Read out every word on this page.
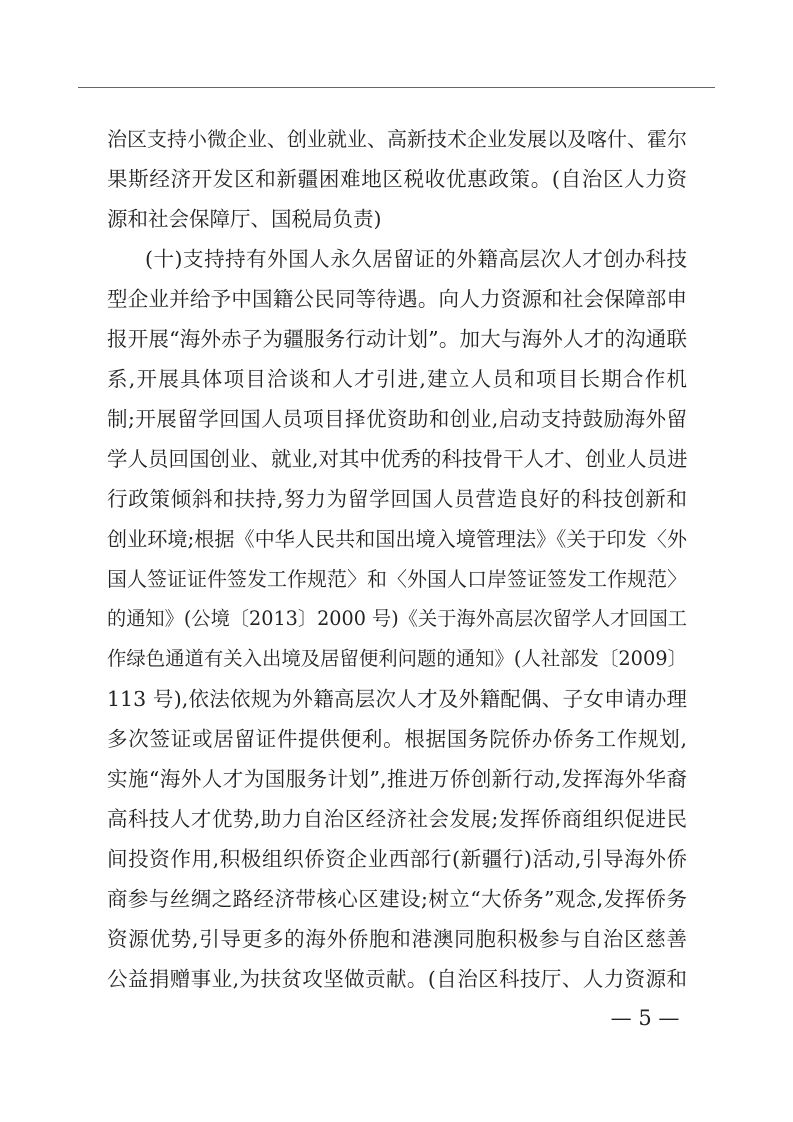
治区支持小微企业、创业就业、高新技术企业发展以及喀什、霍尔
果斯经济开发区和新疆困难地区税收优惠政策。(自治区人力资
源和社会保障厅、国税局负责)
(十)支持持有外国人永久居留证的外籍高层次人才创办科技
型企业并给予中国籍公民同等待遇。向人力资源和社会保障部申
报开展“海外赤子为疆服务行动计划”。加大与海外人才的沟通联
系,开展具体项目洽谈和人才引进,建立人员和项目长期合作机
制;开展留学回国人员项目择优资助和创业,启动支持鼓励海外留
学人员回国创业、就业,对其中优秀的科技骨干人才、创业人员进
行政策倾斜和扶持,努力为留学回国人员营造良好的科技创新和
创业环境;根据《中华人民共和国出境入境管理法》《关于印发〈外
国人签证证件签发工作规范〉和〈外国人口岸签证签发工作规范〉
的通知》(公境〔2013〕2000 号)《关于海外高层次留学人才回国工
作绿色通道有关入出境及居留便利问题的通知》(人社部发〔2009〕
113 号),依法依规为外籍高层次人才及外籍配偶、子女申请办理
多次签证或居留证件提供便利。根据国务院侨办侨务工作规划,
实施“海外人才为国服务计划”,推进万侨创新行动,发挥海外华裔
高科技人才优势,助力自治区经济社会发展;发挥侨商组织促进民
间投资作用,积极组织侨资企业西部行(新疆行)活动,引导海外侨
商参与丝绸之路经济带核心区建设;树立“大侨务”观念,发挥侨务
资源优势,引导更多的海外侨胞和港澳同胞积极参与自治区慈善
公益捐赠事业,为扶贫攻坚做贡献。(自治区科技厅、人力资源和
— 5 —
